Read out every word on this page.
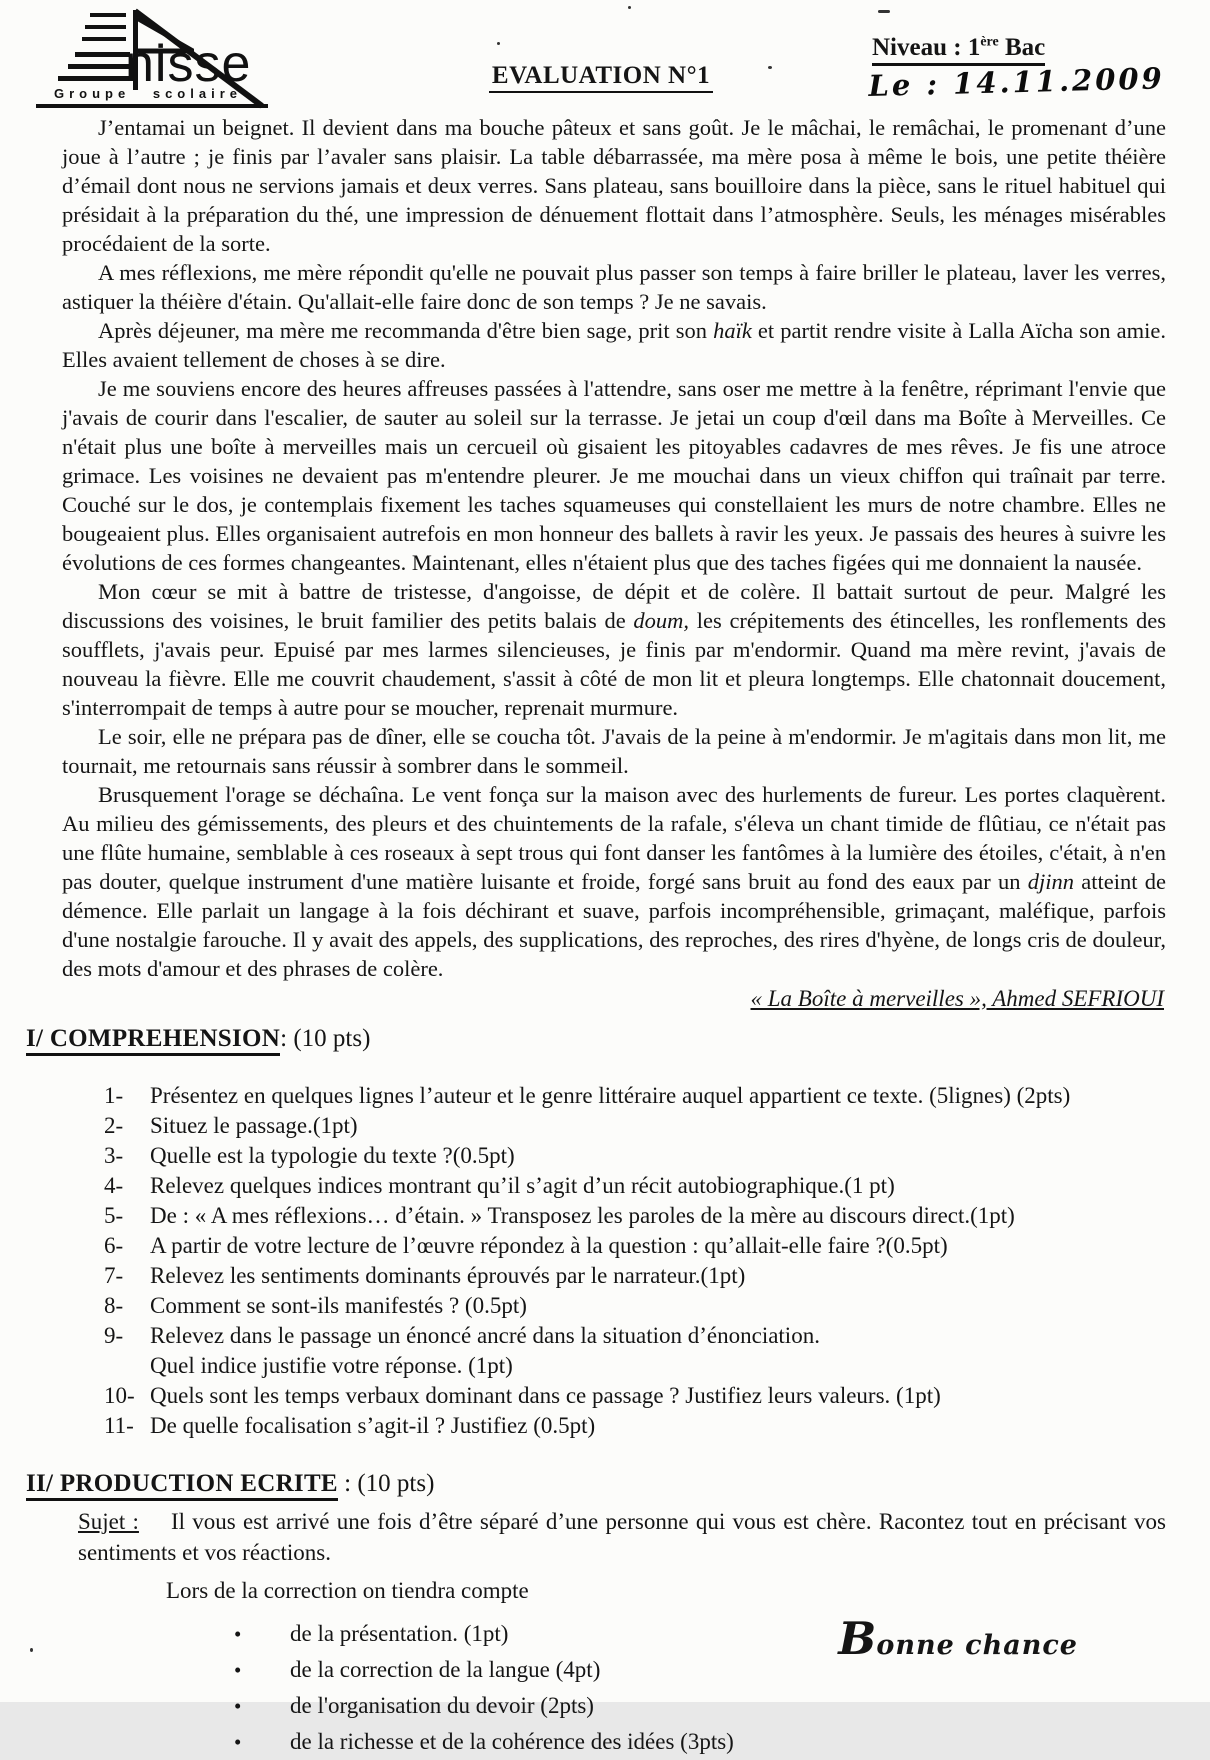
nisse
Groupe scolaire
EVALUATION N°1
Niveau : 1ère Bac
Le : 14.11.2009

J’entamai un beignet. Il devient dans ma bouche pâteux et sans goût. Je le mâchai, le remâchai, le promenant d’une joue à l’autre ; je finis par l’avaler sans plaisir. La table débarrassée, ma mère posa à même le bois, une petite théière d’émail dont nous ne servions jamais et deux verres. Sans plateau, sans bouilloire dans la pièce, sans le rituel habituel qui présidait à la préparation du thé, une impression de dénuement flottait dans l’atmosphère. Seuls, les ménages misérables procédaient de la sorte.

A mes réflexions, me mère répondit qu'elle ne pouvait plus passer son temps à faire briller le plateau, laver les verres, astiquer la théière d'étain. Qu'allait-elle faire donc de son temps ? Je ne savais.

Après déjeuner, ma mère me recommanda d'être bien sage, prit son haïk et partit rendre visite à Lalla Aïcha son amie. Elles avaient tellement de choses à se dire.

Je me souviens encore des heures affreuses passées à l'attendre, sans oser me mettre à la fenêtre, réprimant l'envie que j'avais de courir dans l'escalier, de sauter au soleil sur la terrasse. Je jetai un coup d'œil dans ma Boîte à Merveilles. Ce n'était plus une boîte à merveilles mais un cercueil où gisaient les pitoyables cadavres de mes rêves. Je fis une atroce grimace. Les voisines ne devaient pas m'entendre pleurer. Je me mouchai dans un vieux chiffon qui traînait par terre. Couché sur le dos, je contemplais fixement les taches squameuses qui constellaient les murs de notre chambre. Elles ne bougeaient plus. Elles organisaient autrefois en mon honneur des ballets à ravir les yeux. Je passais des heures à suivre les évolutions de ces formes changeantes. Maintenant, elles n'étaient plus que des taches figées qui me donnaient la nausée.

Mon cœur se mit à battre de tristesse, d'angoisse, de dépit et de colère. Il battait surtout de peur. Malgré les discussions des voisines, le bruit familier des petits balais de doum, les crépitements des étincelles, les ronflements des soufflets, j'avais peur. Epuisé par mes larmes silencieuses, je finis par m'endormir. Quand ma mère revint, j'avais de nouveau la fièvre. Elle me couvrit chaudement, s'assit à côté de mon lit et pleura longtemps. Elle chatonnait doucement, s'interrompait de temps à autre pour se moucher, reprenait murmure.

Le soir, elle ne prépara pas de dîner, elle se coucha tôt. J'avais de la peine à m'endormir. Je m'agitais dans mon lit, me tournait, me retournais sans réussir à sombrer dans le sommeil.

Brusquement l'orage se déchaîna. Le vent fonça sur la maison avec des hurlements de fureur. Les portes claquèrent. Au milieu des gémissements, des pleurs et des chuintements de la rafale, s'éleva un chant timide de flûtiau, ce n'était pas une flûte humaine, semblable à ces roseaux à sept trous qui font danser les fantômes à la lumière des étoiles, c'était, à n'en pas douter, quelque instrument d'une matière luisante et froide, forgé sans bruit au fond des eaux par un djinn atteint de démence. Elle parlait un langage à la fois déchirant et suave, parfois incompréhensible, grimaçant, maléfique, parfois d'une nostalgie farouche. Il y avait des appels, des supplications, des reproches, des rires d'hyène, de longs cris de douleur, des mots d'amour et des phrases de colère.

« La Boîte à merveilles », Ahmed SEFRIOUI
I/ COMPREHENSION: (10 pts)
1-	Présentez en quelques lignes l’auteur et le genre littéraire auquel appartient ce texte. (5lignes) (2pts)
2-	Situez le passage.(1pt)
3-	Quelle est la typologie du texte ?(0.5pt)
4-	Relevez quelques indices montrant qu’il s’agit d’un récit autobiographique.(1 pt)
5-	De : « A mes réflexions… d’étain. » Transposez les paroles de la mère au discours direct.(1pt)
6-	A partir de votre lecture de l’œuvre répondez à la question : qu’allait-elle faire ?(0.5pt)
7-	Relevez les sentiments dominants éprouvés par le narrateur.(1pt)
8-	Comment se sont-ils manifestés ? (0.5pt)
9-	Relevez dans le passage un énoncé ancré dans la situation d’énonciation.
Quel indice justifie votre réponse. (1pt)
10- Quels sont les temps verbaux dominant dans ce passage ? Justifiez leurs valeurs. (1pt)
11- De quelle focalisation s’agit-il ? Justifiez (0.5pt)
II/ PRODUCTION ECRITE : (10 pts)

Sujet : Il vous est arrivé une fois d’être séparé d’une personne qui vous est chère. Racontez tout en précisant vos sentiments et vos réactions.

Lors de la correction on tiendra compte
•	de la présentation. (1pt)
•	de la correction de la langue (4pt)
•	de l'organisation du devoir (2pts)
•	de la richesse et de la cohérence des idées (3pts)
Bonne chance
